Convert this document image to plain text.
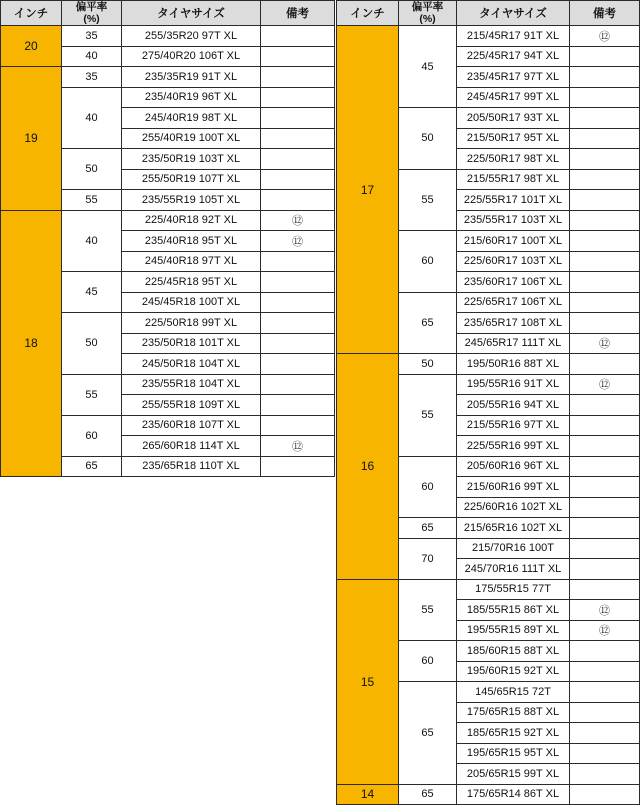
インチ	偏平率
(%)	タイヤサイズ	備考
20	35	255/35R20 97T XL	
	40	275/40R20 106T XL	
19	35	235/35R19 91T XL	
	40	235/40R19 96T XL	
		245/40R19 98T XL	
		255/40R19 100T XL	
	50	235/50R19 103T XL	
		255/50R19 107T XL	
	55	235/55R19 105T XL	
18	40	225/40R18 92T XL	⑫
		235/40R18 95T XL	⑫
		245/40R18 97T XL	
	45	225/45R18 95T XL	
		245/45R18 100T XL	
	50	225/50R18 99T XL	
		235/50R18 101T XL	
		245/50R18 104T XL	
	55	235/55R18 104T XL	
		255/55R18 109T XL	
	60	235/60R18 107T XL	
		265/60R18 114T XL	⑫
	65	235/65R18 110T XL	
インチ	偏平率
(%)	タイヤサイズ	備考
17	45	215/45R17 91T XL	⑫
		225/45R17 94T XL	
		235/45R17 97T XL	
		245/45R17 99T XL	
	50	205/50R17 93T XL	
		215/50R17 95T XL	
		225/50R17 98T XL	
	55	215/55R17 98T XL	
		225/55R17 101T XL	
		235/55R17 103T XL	
	60	215/60R17 100T XL	
		225/60R17 103T XL	
		235/60R17 106T XL	
	65	225/65R17 106T XL	
		235/65R17 108T XL	
		245/65R17 111T XL	⑫
16	50	195/50R16 88T XL	
	55	195/55R16 91T XL	⑫
		205/55R16 94T XL	
		215/55R16 97T XL	
		225/55R16 99T XL	
	60	205/60R16 96T XL	
		215/60R16 99T XL	
		225/60R16 102T XL	
	65	215/65R16 102T XL	
	70	215/70R16 100T	
		245/70R16 111T XL	
15	55	175/55R15 77T	
		185/55R15 86T XL	⑫
		195/55R15 89T XL	⑫
	60	185/60R15 88T XL	
		195/60R15 92T XL	
	65	145/65R15 72T	
		175/65R15 88T XL	
		185/65R15 92T XL	
		195/65R15 95T XL	
		205/65R15 99T XL	
14	65	175/65R14 86T XL	
